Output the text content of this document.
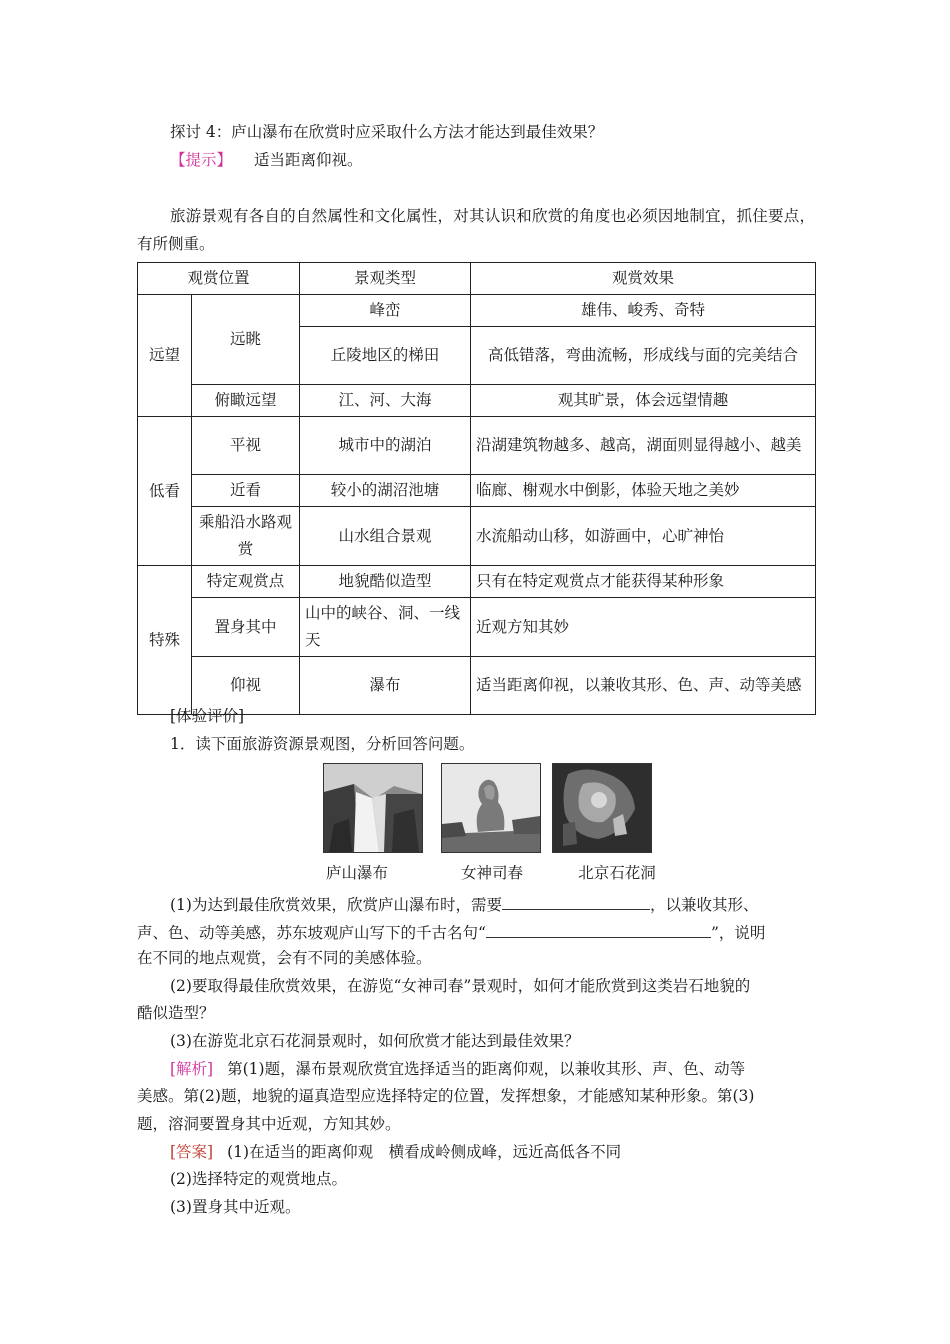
探讨 4：庐山瀑布在欣赏时应采取什么方法才能达到最佳效果？
【提示】 适当距离仰视。
旅游景观有各自的自然属性和文化属性，对其认识和欣赏的角度也必须因地制宜，抓住要点，有所侧重。
观赏位置		景观类型	观赏效果
远望	远眺	峰峦	雄伟、峻秀、奇特
		丘陵地区的梯田	高低错落，弯曲流畅，形成线与面的完美结合
	俯瞰远望	江、河、大海	观其旷景，体会远望情趣
低看	平视	城市中的湖泊	沿湖建筑物越多、越高，湖面则显得越小、越美
	近看	较小的湖沼池塘	临廊、榭观水中倒影，体验天地之美妙
	乘船沿水路观赏	山水组合景观	水流船动山移，如游画中，心旷神怡
特殊	特定观赏点	地貌酷似造型	只有在特定观赏点才能获得某种形象
	置身其中	山中的峡谷、洞、一线天	近观方知其妙
	仰视	瀑布	适当距离仰视，以兼收其形、色、声、动等美感
[体验评价]
1．读下面旅游资源景观图，分析回答问题。
庐山瀑布	女神司春	北京石花洞
(1)为达到最佳欣赏效果，欣赏庐山瀑布时，需要	，以兼收其形、
声、色、动等美感，苏东坡观庐山写下的千古名句“	”，说明
在不同的地点观赏，会有不同的美感体验。
(2)要取得最佳欣赏效果，在游览“女神司春”景观时，如何才能欣赏到这类岩石地貌的
酷似造型？
(3)在游览北京石花洞景观时，如何欣赏才能达到最佳效果？
[解析] 第(1)题，瀑布景观欣赏宜选择适当的距离仰观，以兼收其形、声、色、动等
美感。第(2)题，地貌的逼真造型应选择特定的位置，发挥想象，才能感知某种形象。第(3)
题，溶洞要置身其中近观，方知其妙。
[答案] (1)在适当的距离仰观　横看成岭侧成峰，远近高低各不同
(2)选择特定的观赏地点。
(3)置身其中近观。
